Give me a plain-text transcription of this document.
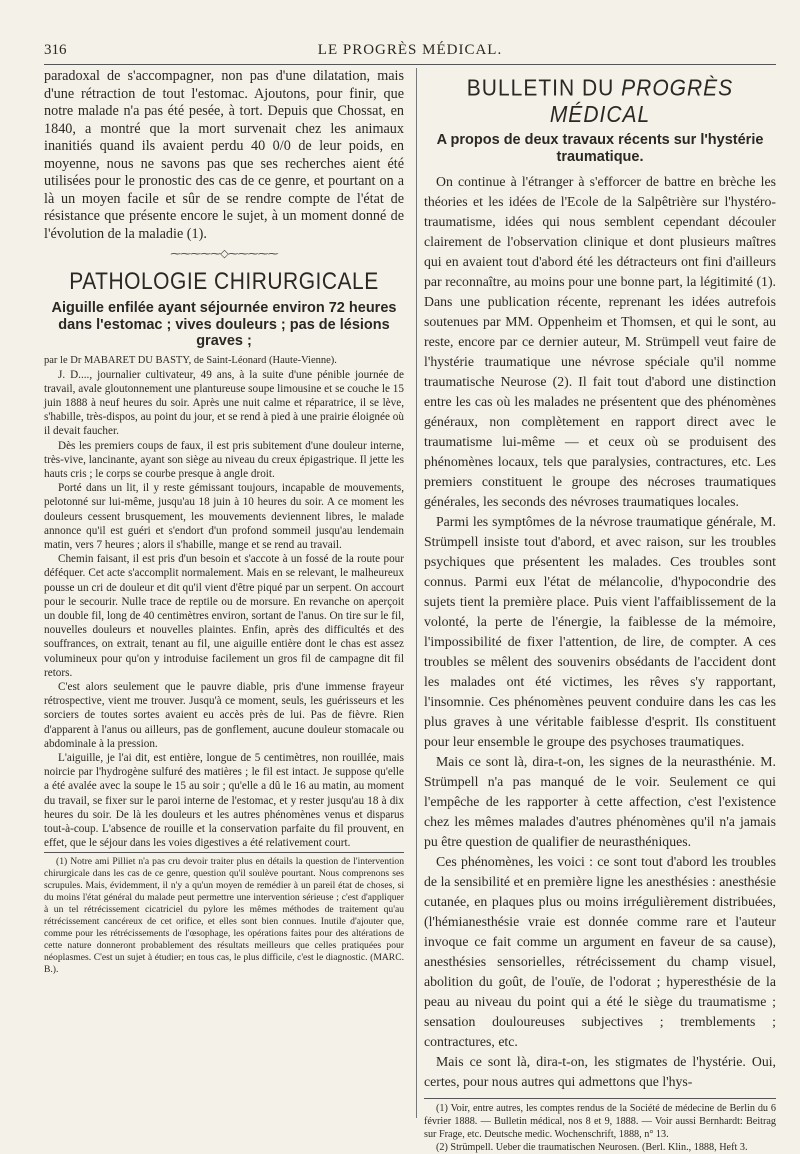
316	LE PROGRÈS MÉDICAL.

paradoxal de s'accompagner, non pas d'une dilatation, mais d'une rétraction de tout l'estomac. Ajoutons, pour finir, que notre malade n'a pas été pesée, à tort. Depuis que Chossat, en 1840, a montré que la mort survenait chez les animaux inanitiés quand ils avaient perdu 40 0/0 de leur poids, en moyenne, nous ne savons pas que ses recherches aient été utilisées pour le pronostic des cas de ce genre, et pourtant on a là un moyen facile et sûr de se rendre compte de l'état de résistance que présente encore le sujet, à un moment donné de l'évolution de la maladie (1).

⁓⁓⁓⁓⁓◇⁓⁓⁓⁓⁓
PATHOLOGIE CHIRURGICALE
Aiguille enfilée ayant séjournée environ 72 heures dans l'estomac ; vives douleurs ; pas de lésions graves ;
par le Dr MABARET DU BASTY, de Saint-Léonard (Haute-Vienne).

J. D...., journalier cultivateur, 49 ans, à la suite d'une pénible journée de travail, avale gloutonnement une plantureuse soupe limousine et se couche le 15 juin 1888 à neuf heures du soir. Après une nuit calme et réparatrice, il se lève, s'habille, très-dispos, au point du jour, et se rend à pied à une prairie éloignée où il devait faucher.

Dès les premiers coups de faux, il est pris subitement d'une douleur interne, très-vive, lancinante, ayant son siège au niveau du creux épigastrique. Il jette les hauts cris ; le corps se courbe presque à angle droit.

Porté dans un lit, il y reste gémissant toujours, incapable de mouvements, pelotonné sur lui-même, jusqu'au 18 juin à 10 heures du soir. A ce moment les douleurs cessent brusquement, les mouvements deviennent libres, le malade annonce qu'il est guéri et s'endort d'un profond sommeil jusqu'au lendemain matin, vers 7 heures ; alors il s'habille, mange et se rend au travail.

Chemin faisant, il est pris d'un besoin et s'accote à un fossé de la route pour déféquer. Cet acte s'accomplit normalement. Mais en se relevant, le malheureux pousse un cri de douleur et dit qu'il vient d'être piqué par un serpent. On accourt pour le secourir. Nulle trace de reptile ou de morsure. En revanche on aperçoit un double fil, long de 40 centimètres environ, sortant de l'anus. On tire sur le fil, nouvelles douleurs et nouvelles plaintes. Enfin, après des difficultés et des souffrances, on extrait, tenant au fil, une aiguille entière dont le chas est assez volumineux pour qu'on y introduise facilement un gros fil de campagne dit fil retors.

C'est alors seulement que le pauvre diable, pris d'une immense frayeur rétrospective, vient me trouver. Jusqu'à ce moment, seuls, les guérisseurs et les sorciers de toutes sortes avaient eu accès près de lui. Pas de fièvre. Rien d'apparent à l'anus ou ailleurs, pas de gonflement, aucune douleur stomacale ou abdominale à la pression.

L'aiguille, je l'ai dit, est entière, longue de 5 centimètres, non rouillée, mais noircie par l'hydrogène sulfuré des matières ; le fil est intact. Je suppose qu'elle a été avalée avec la soupe le 15 au soir ; qu'elle a dû le 16 au matin, au moment du travail, se fixer sur le paroi interne de l'estomac, et y rester jusqu'au 18 à dix heures du soir. De là les douleurs et les autres phénomènes venus et disparus tout-à-coup. L'absence de rouille et la conservation parfaite du fil prouvent, en effet, que le séjour dans les voies digestives a été relativement court.

(1) Notre ami Pilliet n'a pas cru devoir traiter plus en détails la question de l'intervention chirurgicale dans les cas de ce genre, question qu'il soulève pourtant. Nous comprenons ses scrupules. Mais, évidemment, il n'y a qu'un moyen de remédier à un pareil état de choses, si du moins l'état général du malade peut permettre une intervention sérieuse ; c'est d'appliquer à un tel rétrécissement cicatriciel du pylore les mêmes méthodes de traitement qu'au rétrécissement cancéreux de cet orifice, et elles sont bien connues. Inutile d'ajouter que, comme pour les rétrécissements de l'œsophage, les opérations faites pour des altérations de cette nature donneront probablement des résultats meilleurs que celles pratiquées pour néoplasmes. C'est un sujet à étudier; en tous cas, le plus difficile, c'est le diagnostic. (MARC. B.).

BULLETIN DU PROGRÈS MÉDICAL
A propos de deux travaux récents sur l'hystérie traumatique.

On continue à l'étranger à s'efforcer de battre en brèche les théories et les idées de l'Ecole de la Salpêtrière sur l'hystéro-traumatisme, idées qui nous semblent cependant découler clairement de l'observation clinique et dont plusieurs maîtres qui en avaient tout d'abord été les détracteurs ont fini d'ailleurs par reconnaître, au moins pour une bonne part, la légitimité (1). Dans une publication récente, reprenant les idées autrefois soutenues par MM. Oppenheim et Thomsen, et qui le sont, au reste, encore par ce dernier auteur, M. Strümpell veut faire de l'hystérie traumatique une névrose spéciale qu'il nomme traumatische Neurose (2). Il fait tout d'abord une distinction entre les cas où les malades ne présentent que des phénomènes généraux, non complètement en rapport direct avec le traumatisme lui-même — et ceux où se produisent des phénomènes locaux, tels que paralysies, contractures, etc. Les premiers constituent le groupe des nécroses traumatiques générales, les seconds des névroses traumatiques locales.

Parmi les symptômes de la névrose traumatique générale, M. Strümpell insiste tout d'abord, et avec raison, sur les troubles psychiques que présentent les malades. Ces troubles sont connus. Parmi eux l'état de mélancolie, d'hypocondrie des sujets tient la première place. Puis vient l'affaiblissement de la volonté, la perte de l'énergie, la faiblesse de la mémoire, l'impossibilité de fixer l'attention, de lire, de compter. A ces troubles se mêlent des souvenirs obsédants de l'accident dont les malades ont été victimes, les rêves s'y rapportant, l'insomnie. Ces phénomènes peuvent conduire dans les cas les plus graves à une véritable faiblesse d'esprit. Ils constituent pour leur ensemble le groupe des psychoses traumatiques.

Mais ce sont là, dira-t-on, les signes de la neurasthénie. M. Strümpell n'a pas manqué de le voir. Seulement ce qui l'empêche de les rapporter à cette affection, c'est l'existence chez les mêmes malades d'autres phénomènes qu'il n'a jamais pu être question de qualifier de neurasthéniques.

Ces phénomènes, les voici : ce sont tout d'abord les troubles de la sensibilité et en première ligne les anesthésies : anesthésie cutanée, en plaques plus ou moins irrégulièrement distribuées, (l'hémianesthésie vraie est donnée comme rare et l'auteur invoque ce fait comme un argument en faveur de sa cause), anesthésies sensorielles, rétrécissement du champ visuel, abolition du goût, de l'ouïe, de l'odorat ; hyperesthésie de la peau au niveau du point qui a été le siège du traumatisme ; sensation douloureuses subjectives ; tremblements ; contractures, etc.

Mais ce sont là, dira-t-on, les stigmates de l'hystérie. Oui, certes, pour nous autres qui admettons que l'hys-

(1) Voir, entre autres, les comptes rendus de la Société de médecine de Berlin du 6 février 1888. — Bulletin médical, nos 8 et 9, 1888. — Voir aussi Bernhardt: Beitrag sur Frage, etc. Deutsche medic. Wochenschrift, 1888, n° 13.

(2) Strümpell. Ueber die traumatischen Neurosen. (Berl. Klin., 1888, Heft 3.
